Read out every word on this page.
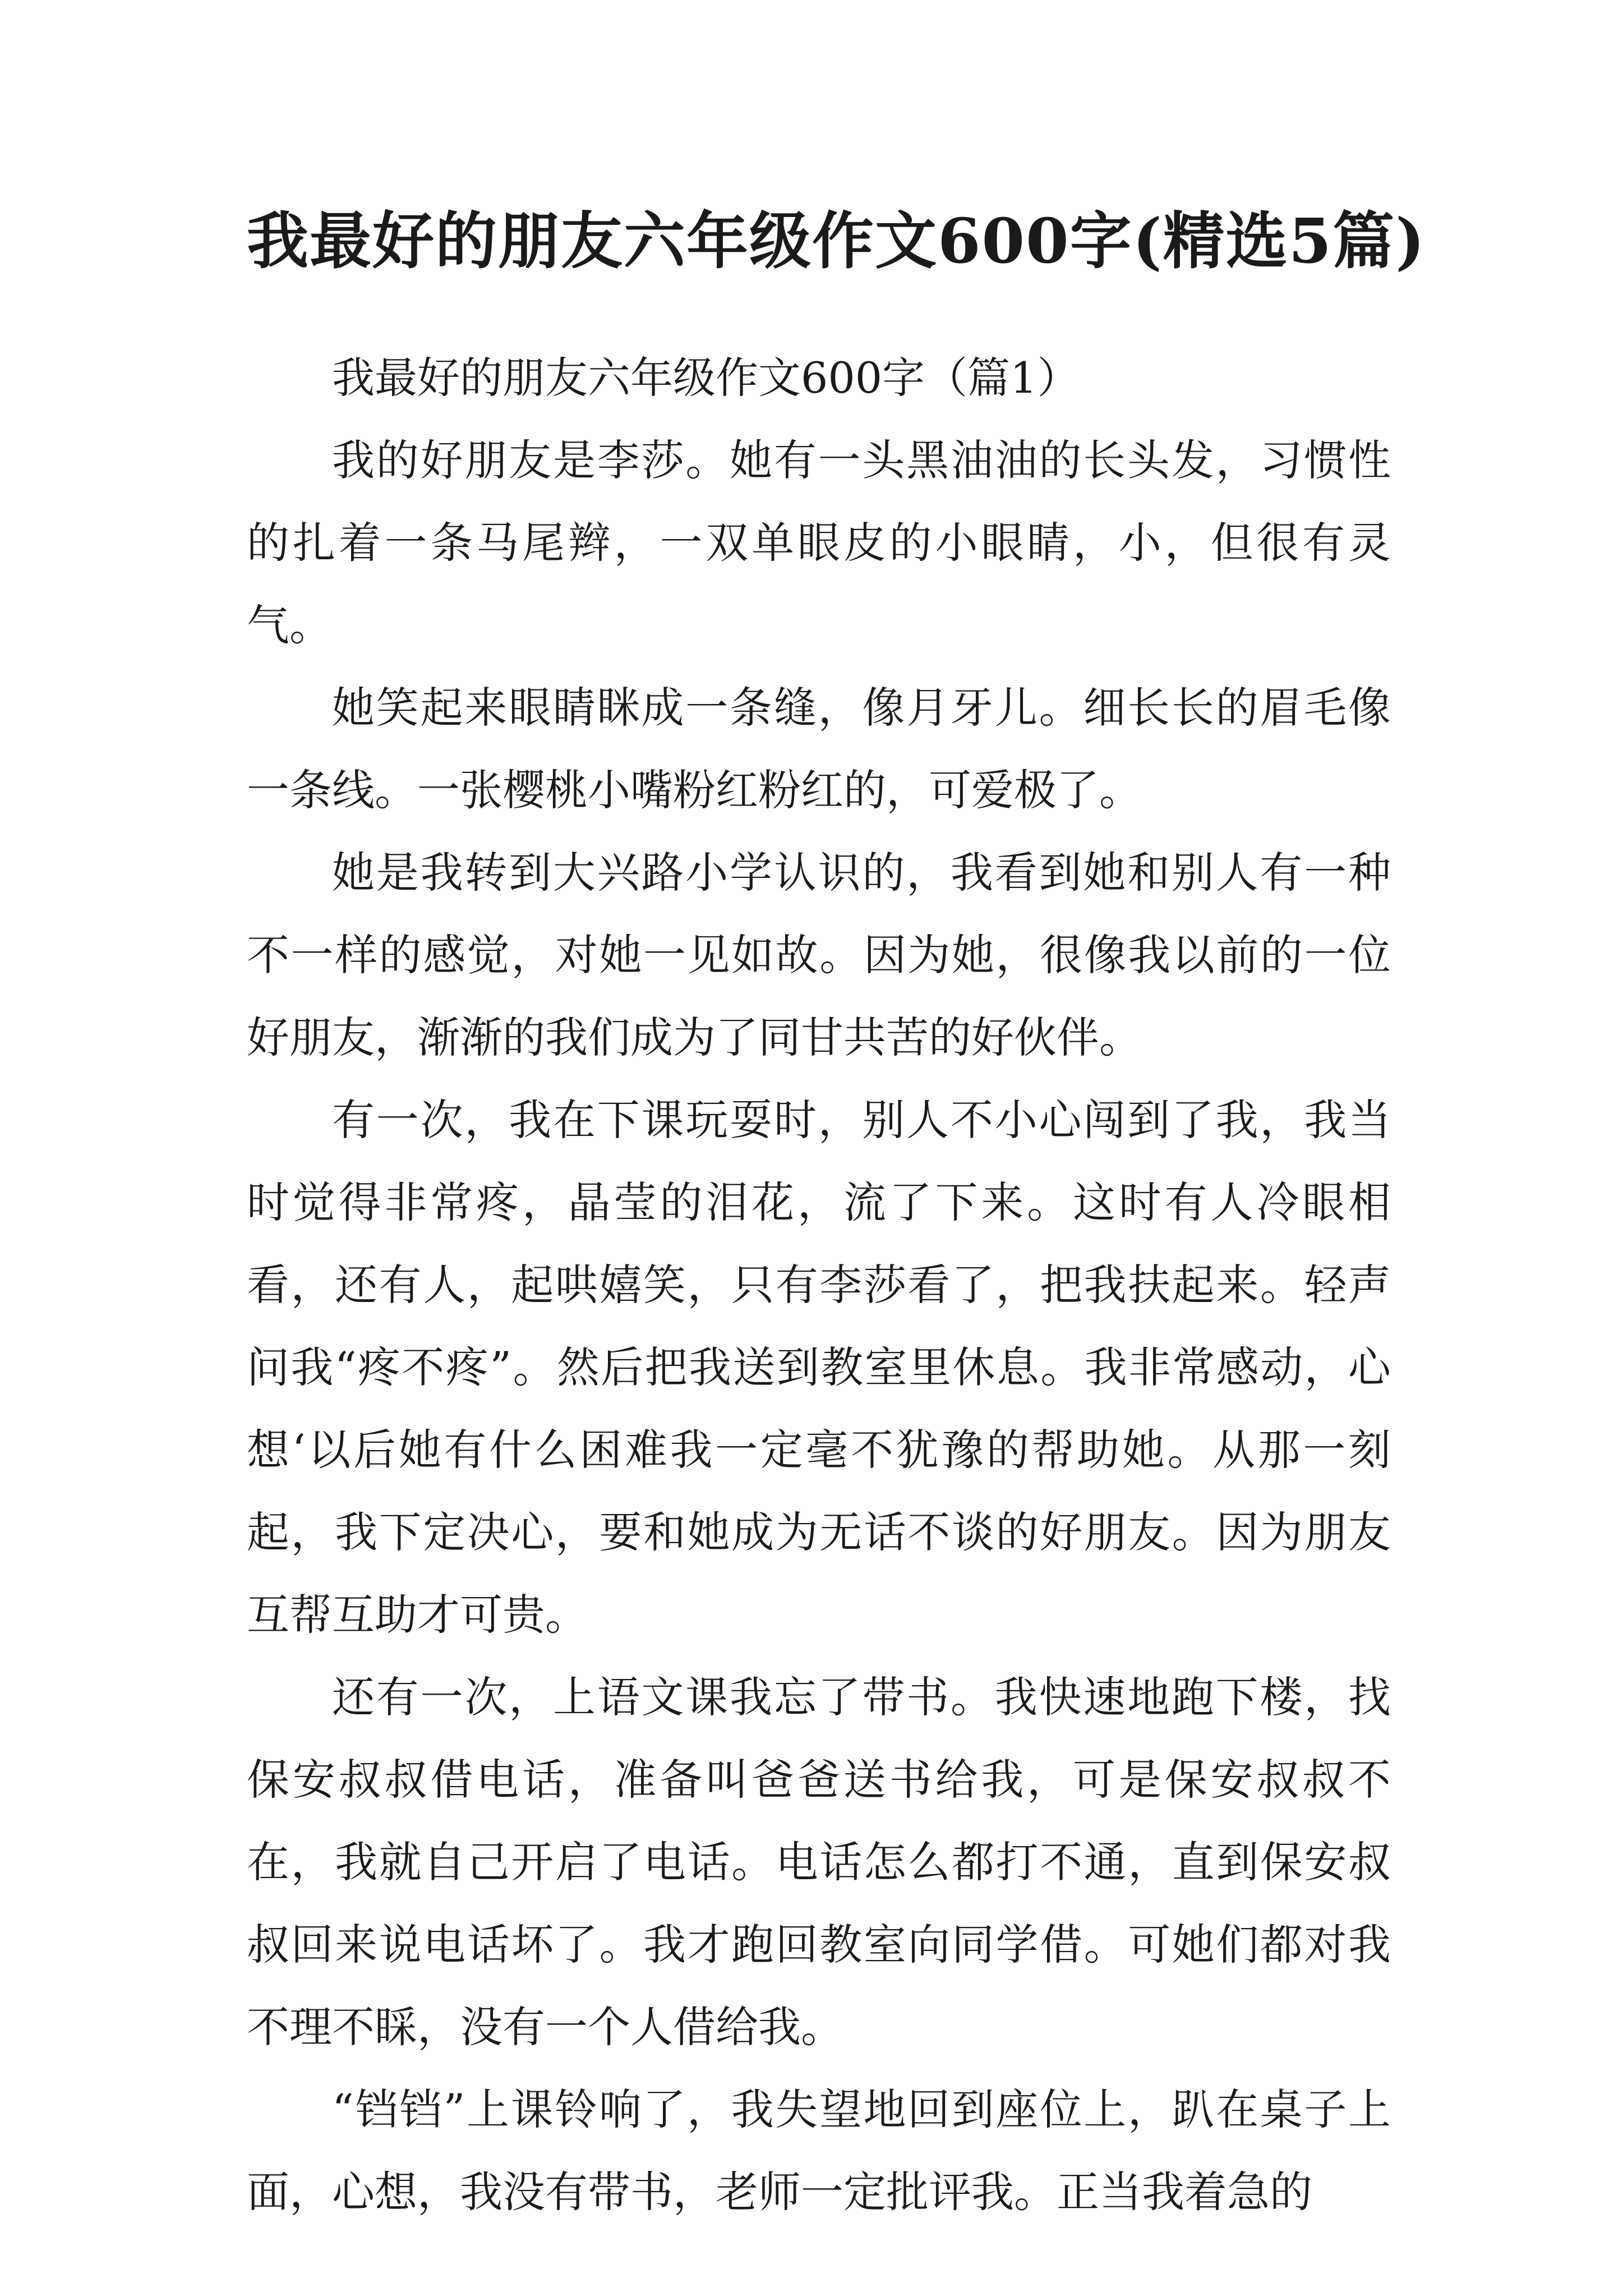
我最好的朋友六年级作文600字(精选5篇)

我最好的朋友六年级作文600字（篇1）

我的好朋友是李莎。她有一头黑油油的长头发，习惯性的扎着一条马尾辫，一双单眼皮的小眼睛，小，但很有灵气。

她笑起来眼睛眯成一条缝，像月牙儿。细长长的眉毛像一条线。一张樱桃小嘴粉红粉红的，可爱极了。

她是我转到大兴路小学认识的，我看到她和别人有一种不一样的感觉，对她一见如故。因为她，很像我以前的一位好朋友，渐渐的我们成为了同甘共苦的好伙伴。

有一次，我在下课玩耍时，别人不小心闯到了我，我当时觉得非常疼，晶莹的泪花，流了下来。这时有人冷眼相看，还有人，起哄嬉笑，只有李莎看了，把我扶起来。轻声问我“疼不疼”。然后把我送到教室里休息。我非常感动，心想‘以后她有什么困难我一定毫不犹豫的帮助她。从那一刻起，我下定决心，要和她成为无话不谈的好朋友。因为朋友互帮互助才可贵。

还有一次，上语文课我忘了带书。我快速地跑下楼，找保安叔叔借电话，准备叫爸爸送书给我，可是保安叔叔不在，我就自己开启了电话。电话怎么都打不通，直到保安叔叔回来说电话坏了。我才跑回教室向同学借。可她们都对我不理不睬，没有一个人借给我。

“铛铛”上课铃响了，我失望地回到座位上，趴在桌子上面，心想，我没有带书，老师一定批评我。正当我着急的
